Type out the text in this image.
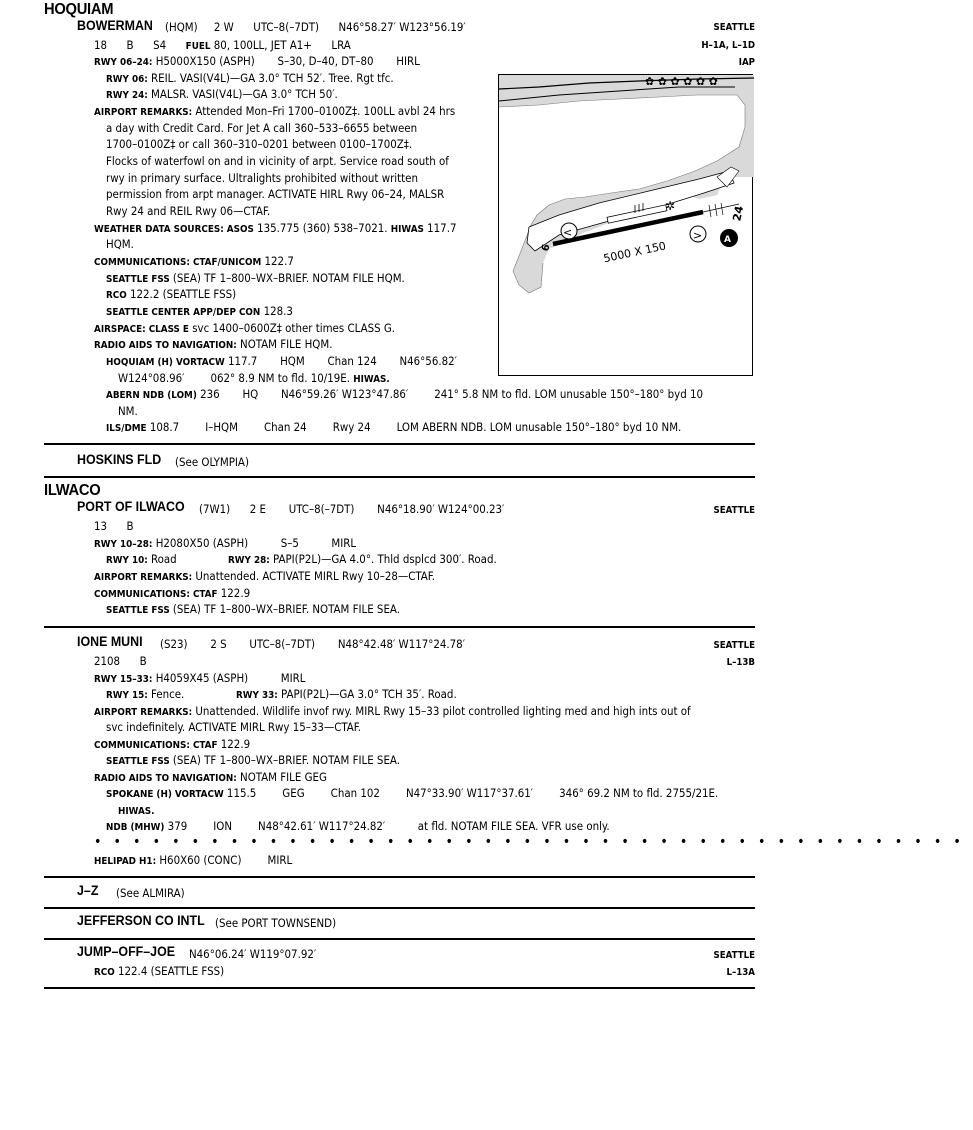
HOQUIAM
BOWERMAN (HQM)     2 W      UTC–8(–7DT)      N46°58.27′ W123°56.19′	SEATTLE
18      B      S4      FUEL 80, 100LL, JET A1+      LRA	H–1A, L–1D
RWY 06–24: H5000X150 (ASPH)       S–30, D–40, DT–80       HIRL	IAP
RWY 06: REIL. VASI(V4L)—GA 3.0° TCH 52′. Tree. Rgt tfc.
RWY 24: MALSR. VASI(V4L)—GA 3.0° TCH 50′.
AIRPORT REMARKS: Attended Mon–Fri 1700–0100Z‡. 100LL avbl 24 hrs
a day with Credit Card. For Jet A call 360–533–6655 between
1700–0100Z‡ or call 360–310–0201 between 0100–1700Z‡.
Flocks of waterfowl on and in vicinity of arpt. Service road south of
rwy in primary surface. Ultralights prohibited without written
permission from arpt manager. ACTIVATE HIRL Rwy 06–24, MALSR
Rwy 24 and REIL Rwy 06—CTAF.
WEATHER DATA SOURCES: ASOS 135.775 (360) 538–7021. HIWAS 117.7
HQM.
COMMUNICATIONS: CTAF/UNICOM 122.7
SEATTLE FSS (SEA) TF 1–800–WX–BRIEF. NOTAM FILE HQM.
RCO 122.2 (SEATTLE FSS)
SEATTLE CENTER APP/DEP CON 128.3
AIRSPACE: CLASS E svc 1400–0600Z‡ other times CLASS G.
RADIO AIDS TO NAVIGATION: NOTAM FILE HQM.
HOQUIAM (H) VORTACW 117.7       HQM       Chan 124       N46°56.82′
W124°08.96′        062° 8.9 NM to fld. 10/19E. HIWAS.
ABERN NDB (LOM) 236       HQ       N46°59.26′ W123°47.86′        241° 5.8 NM to fld. LOM unusable 150°–180° byd 10
NM.
ILS/DME 108.7        I–HQM        Chan 24        Rwy 24        LOM ABERN NDB. LOM unusable 150°–180° byd 10 NM.
✿ ✿ ✿ ✿ ✿ ✿
✲
<	>
5000 X 150
24
6
A
HOSKINS FLD (See OLYMPIA)
ILWACO
PORT OF ILWACO (7W1)      2 E       UTC–8(–7DT)       N46°18.90′ W124°00.23′	SEATTLE
13      B
RWY 10–28: H2080X50 (ASPH)          S–5          MIRL
RWY 10: Road	RWY 28: PAPI(P2L)—GA 4.0°. Thld dsplcd 300′. Road.
AIRPORT REMARKS: Unattended. ACTIVATE MIRL Rwy 10–28—CTAF.
COMMUNICATIONS: CTAF 122.9
SEATTLE FSS (SEA) TF 1–800–WX–BRIEF. NOTAM FILE SEA.
IONE MUNI (S23)       2 S       UTC–8(–7DT)       N48°42.48′ W117°24.78′	SEATTLE
2108      B	L–13B
RWY 15–33: H4059X45 (ASPH)          MIRL
RWY 15: Fence.	RWY 33: PAPI(P2L)—GA 3.0° TCH 35′. Road.
AIRPORT REMARKS: Unattended. Wildlife invof rwy. MIRL Rwy 15–33 pilot controlled lighting med and high ints out of
svc indefinitely. ACTIVATE MIRL Rwy 15–33—CTAF.
COMMUNICATIONS: CTAF 122.9
SEATTLE FSS (SEA) TF 1–800–WX–BRIEF. NOTAM FILE SEA.
RADIO AIDS TO NAVIGATION: NOTAM FILE GEG
SPOKANE (H) VORTACW 115.5        GEG        Chan 102        N47°33.90′ W117°37.61′        346° 69.2 NM to fld. 2755/21E.
HIWAS.
NDB (MHW) 379        ION        N48°42.61′ W117°24.82′          at fld. NOTAM FILE SEA. VFR use only.
•••••••••••••••••••••••••••••••••••••••••••••
HELIPAD H1: H60X60 (CONC)        MIRL
J–Z (See ALMIRA)
JEFFERSON CO INTL (See PORT TOWNSEND)
JUMP–OFF–JOE N46°06.24′ W119°07.92′	SEATTLE
RCO 122.4 (SEATTLE FSS)	L–13A
